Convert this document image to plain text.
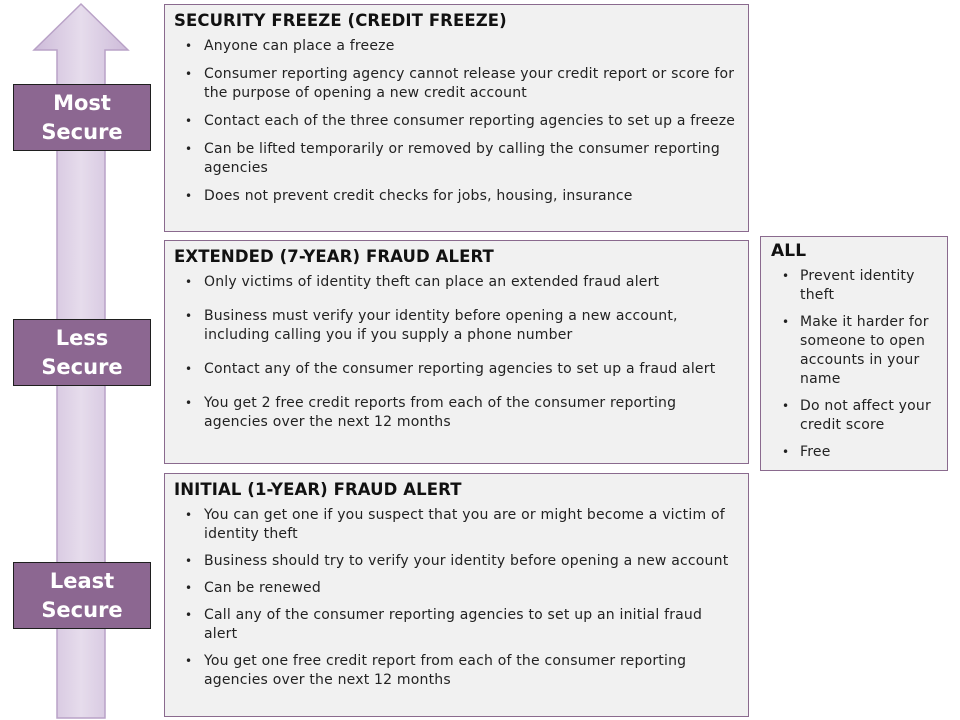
Most
Secure
Less
Secure
Least
Secure
SECURITY FREEZE (CREDIT FREEZE)
• Anyone can place a freeze
• Consumer reporting agency cannot release your credit report or score for the purpose of opening a new credit account
• Contact each of the three consumer reporting agencies to set up a freeze
• Can be lifted temporarily or removed by calling the consumer reporting agencies
• Does not prevent credit checks for jobs, housing, insurance
EXTENDED (7-YEAR) FRAUD ALERT
• Only victims of identity theft can place an extended fraud alert
• Business must verify your identity before opening a new account, including calling you if you supply a phone number
• Contact any of the consumer reporting agencies to set up a fraud alert
• You get 2 free credit reports from each of the consumer reporting agencies over the next 12 months
INITIAL (1-YEAR) FRAUD ALERT
• You can get one if you suspect that you are or might become a victim of identity theft
• Business should try to verify your identity before opening a new account
• Can be renewed
• Call any of the consumer reporting agencies to set up an initial fraud alert
• You get one free credit report from each of the consumer reporting agencies over the next 12 months
ALL
• Prevent identity theft
• Make it harder for someone to open accounts in your name
• Do not affect your credit score
• Free
